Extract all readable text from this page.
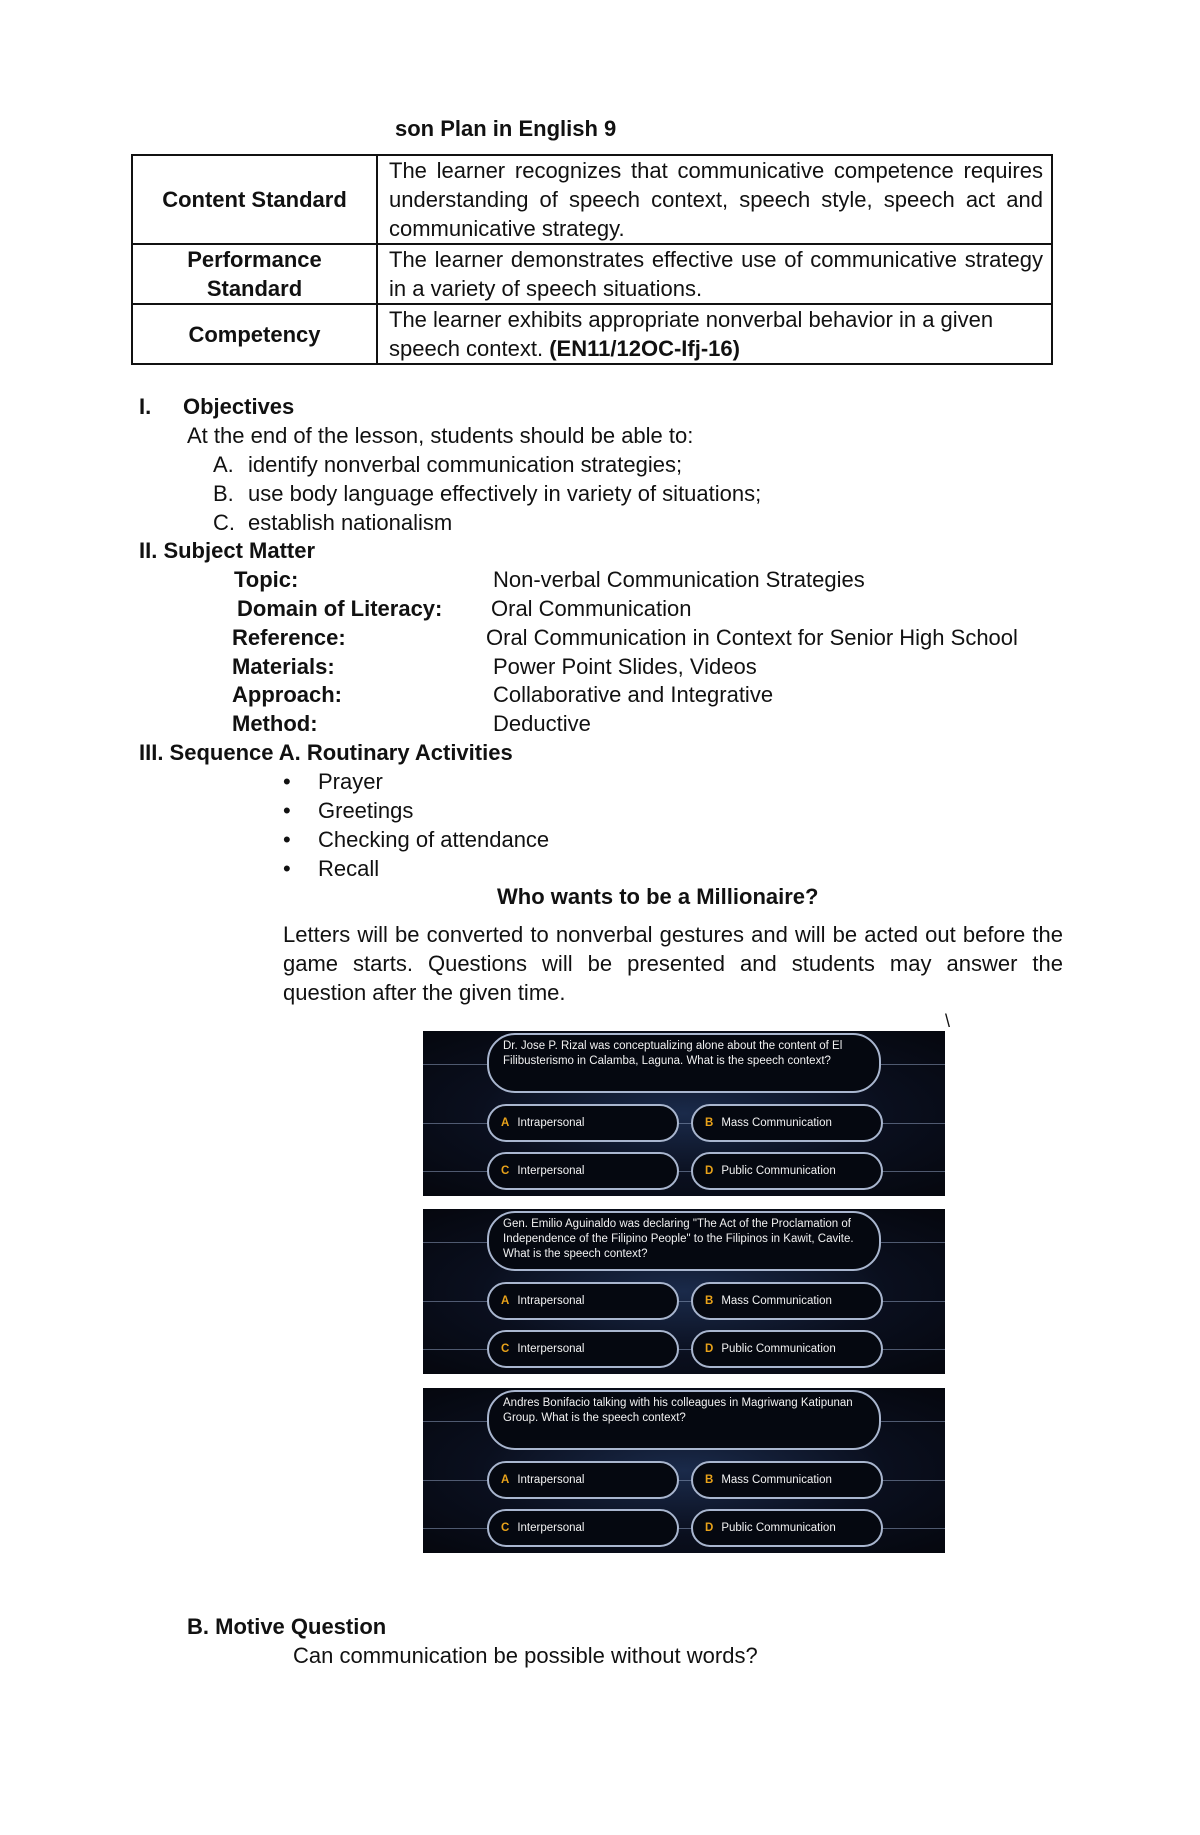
son Plan in English 9
Content Standard	The learner recognizes that communicative competence requires understanding of speech context, speech style, speech act and communicative strategy.
Performance
Standard	The learner demonstrates effective use of communicative strategy in a variety of speech situations.
Competency	The learner exhibits appropriate nonverbal behavior in a given speech context. (EN11/12OC-Ifj-16)
I. Objectives
At the end of the lesson, students should be able to:
A. identify nonverbal communication strategies;
B. use body language effectively in variety of situations;
C. establish nationalism
II. Subject Matter
Topic:	Non-verbal Communication Strategies
Domain of Literacy: Oral Communication
Reference:	Oral Communication in Context for Senior High School
Materials:	Power Point Slides, Videos
Approach:	Collaborative and Integrative
Method:	Deductive
III. Sequence A. Routinary Activities
• Prayer
• Greetings
• Checking of attendance
• Recall
Who wants to be a Millionaire?
Letters will be converted to nonverbal gestures and will be acted out before the game starts. Questions will be presented and students may answer the question after the given time.
\
Dr. Jose P. Rizal was conceptualizing alone about the content of El Filibusterismo in Calamba, Laguna. What is the speech context?
A Intrapersonal	B Mass Communication
C Interpersonal	D Public Communication
Gen. Emilio Aguinaldo was declaring "The Act of the Proclamation of Independence of the Filipino People" to the Filipinos in Kawit, Cavite. What is the speech context?
A Intrapersonal	B Mass Communication
C Interpersonal	D Public Communication
Andres Bonifacio talking with his colleagues in Magriwang Katipunan Group. What is the speech context?
A Intrapersonal	B Mass Communication
C Interpersonal	D Public Communication
B. Motive Question
Can communication be possible without words?
